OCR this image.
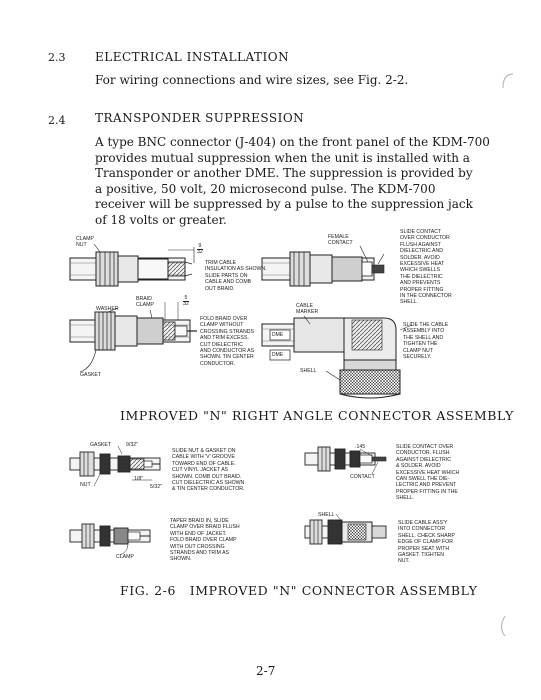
2.3 ELECTRICAL INSTALLATION
For wiring connections and wire sizes, see Fig. 2-2.
2.4 TRANSPONDER SUPPRESSION
A type BNC connector (J-404) on the front panel of the KDM-700
provides mutual suppression when the unit is installed with a
Transponder or another DME. The suppression is provided by
a positive, 50 volt, 20 microsecond pulse. The KDM-700
receiver will be suppressed by a pulse to the suppression jack
of 18 volts or greater.
CLAMP
NUT	9
32
TRIM CABLE
INSULATION AS SHOWN.
SLIDE PARTS ON
CABLE AND COMB
OUT BRAID.
BRAID
CLAMP
5
32
WASHER
FOLD BRAID OVER
CLAMP WITHOUT
CROSSING STRANDS
AND TRIM EXCESS.
CUT DIELECTRIC
AND CONDUCTOR AS
SHOWN. TIN CENTER
CONDUCTOR.
GASKET
FEMALE
CONTACT
SLIDE CONTACT
OVER CONDUCTOR
FLUSH AGAINST
DIELECTRIC AND
SOLDER. AVOID
EXCESSIVE HEAT
WHICH SWELLS
THE DIELECTRIC
AND PREVENTS
PROPER FITTING
IN THE CONNECTOR
SHELL.
CABLE
MARKER
DME
DME
SLIDE THE CABLE
ASSEMBLY INTO
THE SHELL AND
TIGHTEN THE
CLAMP NUT
SECURELY.
SHELL
IMPROVED "N" RIGHT ANGLE CONNECTOR ASSEMBLY
GASKET	9/32"
SLIDE NUT & GASKET ON
CABLE WITH 'V' GROOVE
TOWARD END OF CABLE.
CUT VINYL JACKET AS
SHOWN. COMB OUT BRAID.
CUT DIELECTRIC AS SHOWN
& TIN CENTER CONDUCTOR.
NUT
1/8"
5/32"
.145	SLIDE CONTACT OVER
CONDUCTOR. FLUSH
AGAINST DIELECTRIC
& SOLDER. AVOID
EXCESSIVE HEAT WHICH
CAN SWELL THE DIE-
LECTRIC AND PREVENT
PROPER FITTING IN THE
SHELL.
CONTACT
TAPER BRAID IN, SLIDE
CLAMP OVER BRAID FLUSH
WITH END OF JACKET.
FOLD BRAID OVER CLAMP
WITH OUT CROSSING
STRANDS AND TRIM AS
SHOWN.
CLAMP
SHELL
SLIDE CABLE ASS'Y
INTO CONNECTOR
SHELL. CHECK SHARP
EDGE OF CLAMP FOR
PROPER SEAT WITH
GASKET. TIGHTEN
NUT.
FIG. 2-6   IMPROVED "N" CONNECTOR ASSEMBLY
2-7
